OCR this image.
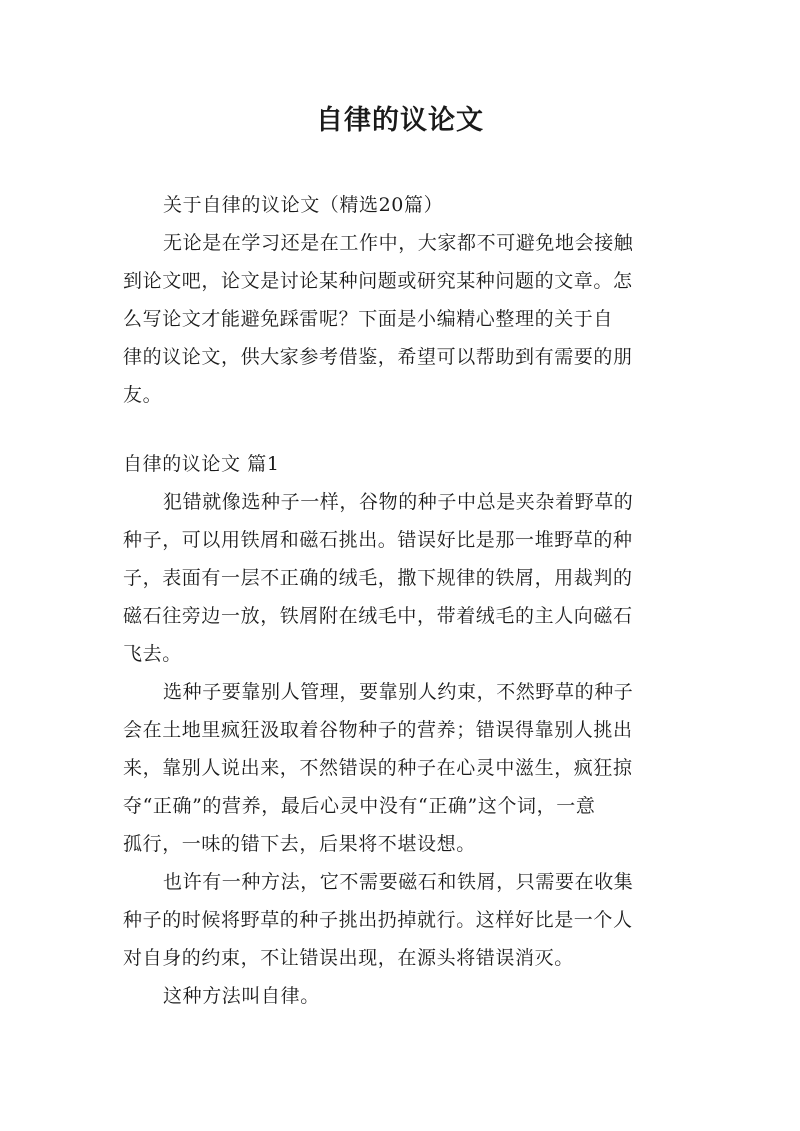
自律的议论文

关于自律的议论文（精选20篇）

无论是在学习还是在工作中，大家都不可避免地会接触

到论文吧，论文是讨论某种问题或研究某种问题的文章。怎

么写论文才能避免踩雷呢？下面是小编精心整理的关于自

律的议论文，供大家参考借鉴，希望可以帮助到有需要的朋

友。

自律的议论文 篇1

犯错就像选种子一样，谷物的种子中总是夹杂着野草的

种子，可以用铁屑和磁石挑出。错误好比是那一堆野草的种

子，表面有一层不正确的绒毛，撒下规律的铁屑，用裁判的

磁石往旁边一放，铁屑附在绒毛中，带着绒毛的主人向磁石

飞去。

选种子要靠别人管理，要靠别人约束，不然野草的种子

会在土地里疯狂汲取着谷物种子的营养；错误得靠别人挑出

来，靠别人说出来，不然错误的种子在心灵中滋生，疯狂掠

夺“正确”的营养，最后心灵中没有“正确”这个词，一意

孤行，一味的错下去，后果将不堪设想。

也许有一种方法，它不需要磁石和铁屑，只需要在收集

种子的时候将野草的种子挑出扔掉就行。这样好比是一个人

对自身的约束，不让错误出现，在源头将错误消灭。

这种方法叫自律。
